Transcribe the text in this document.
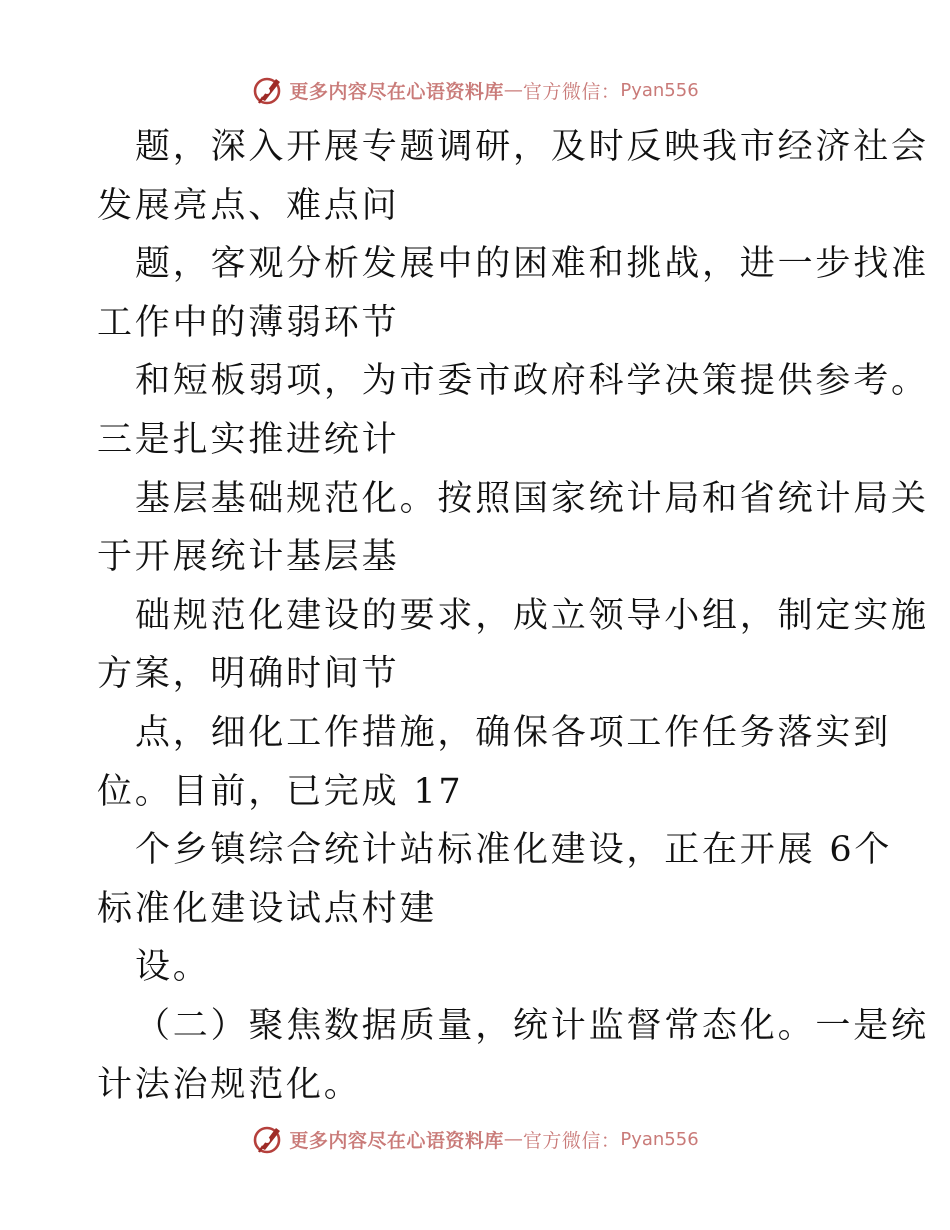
更多内容尽在心语资料库 — 官方微信： Pyan556
题，深入开展专题调研，及时反映我市经济社会
发展亮点、难点问
题，客观分析发展中的困难和挑战，进一步找准
工作中的薄弱环节
和短板弱项，为市委市政府科学决策提供参考。
三是扎实推进统计
基层基础规范化。按照国家统计局和省统计局关
于开展统计基层基
础规范化建设的要求，成立领导小组，制定实施
方案，明确时间节
点，细化工作措施，确保各项工作任务落实到
位。目前，已完成 17
个乡镇综合统计站标准化建设，正在开展 6个
标准化建设试点村建
设。
（二）聚焦数据质量，统计监督常态化。一是统
计法治规范化。
更多内容尽在心语资料库 — 官方微信： Pyan556
